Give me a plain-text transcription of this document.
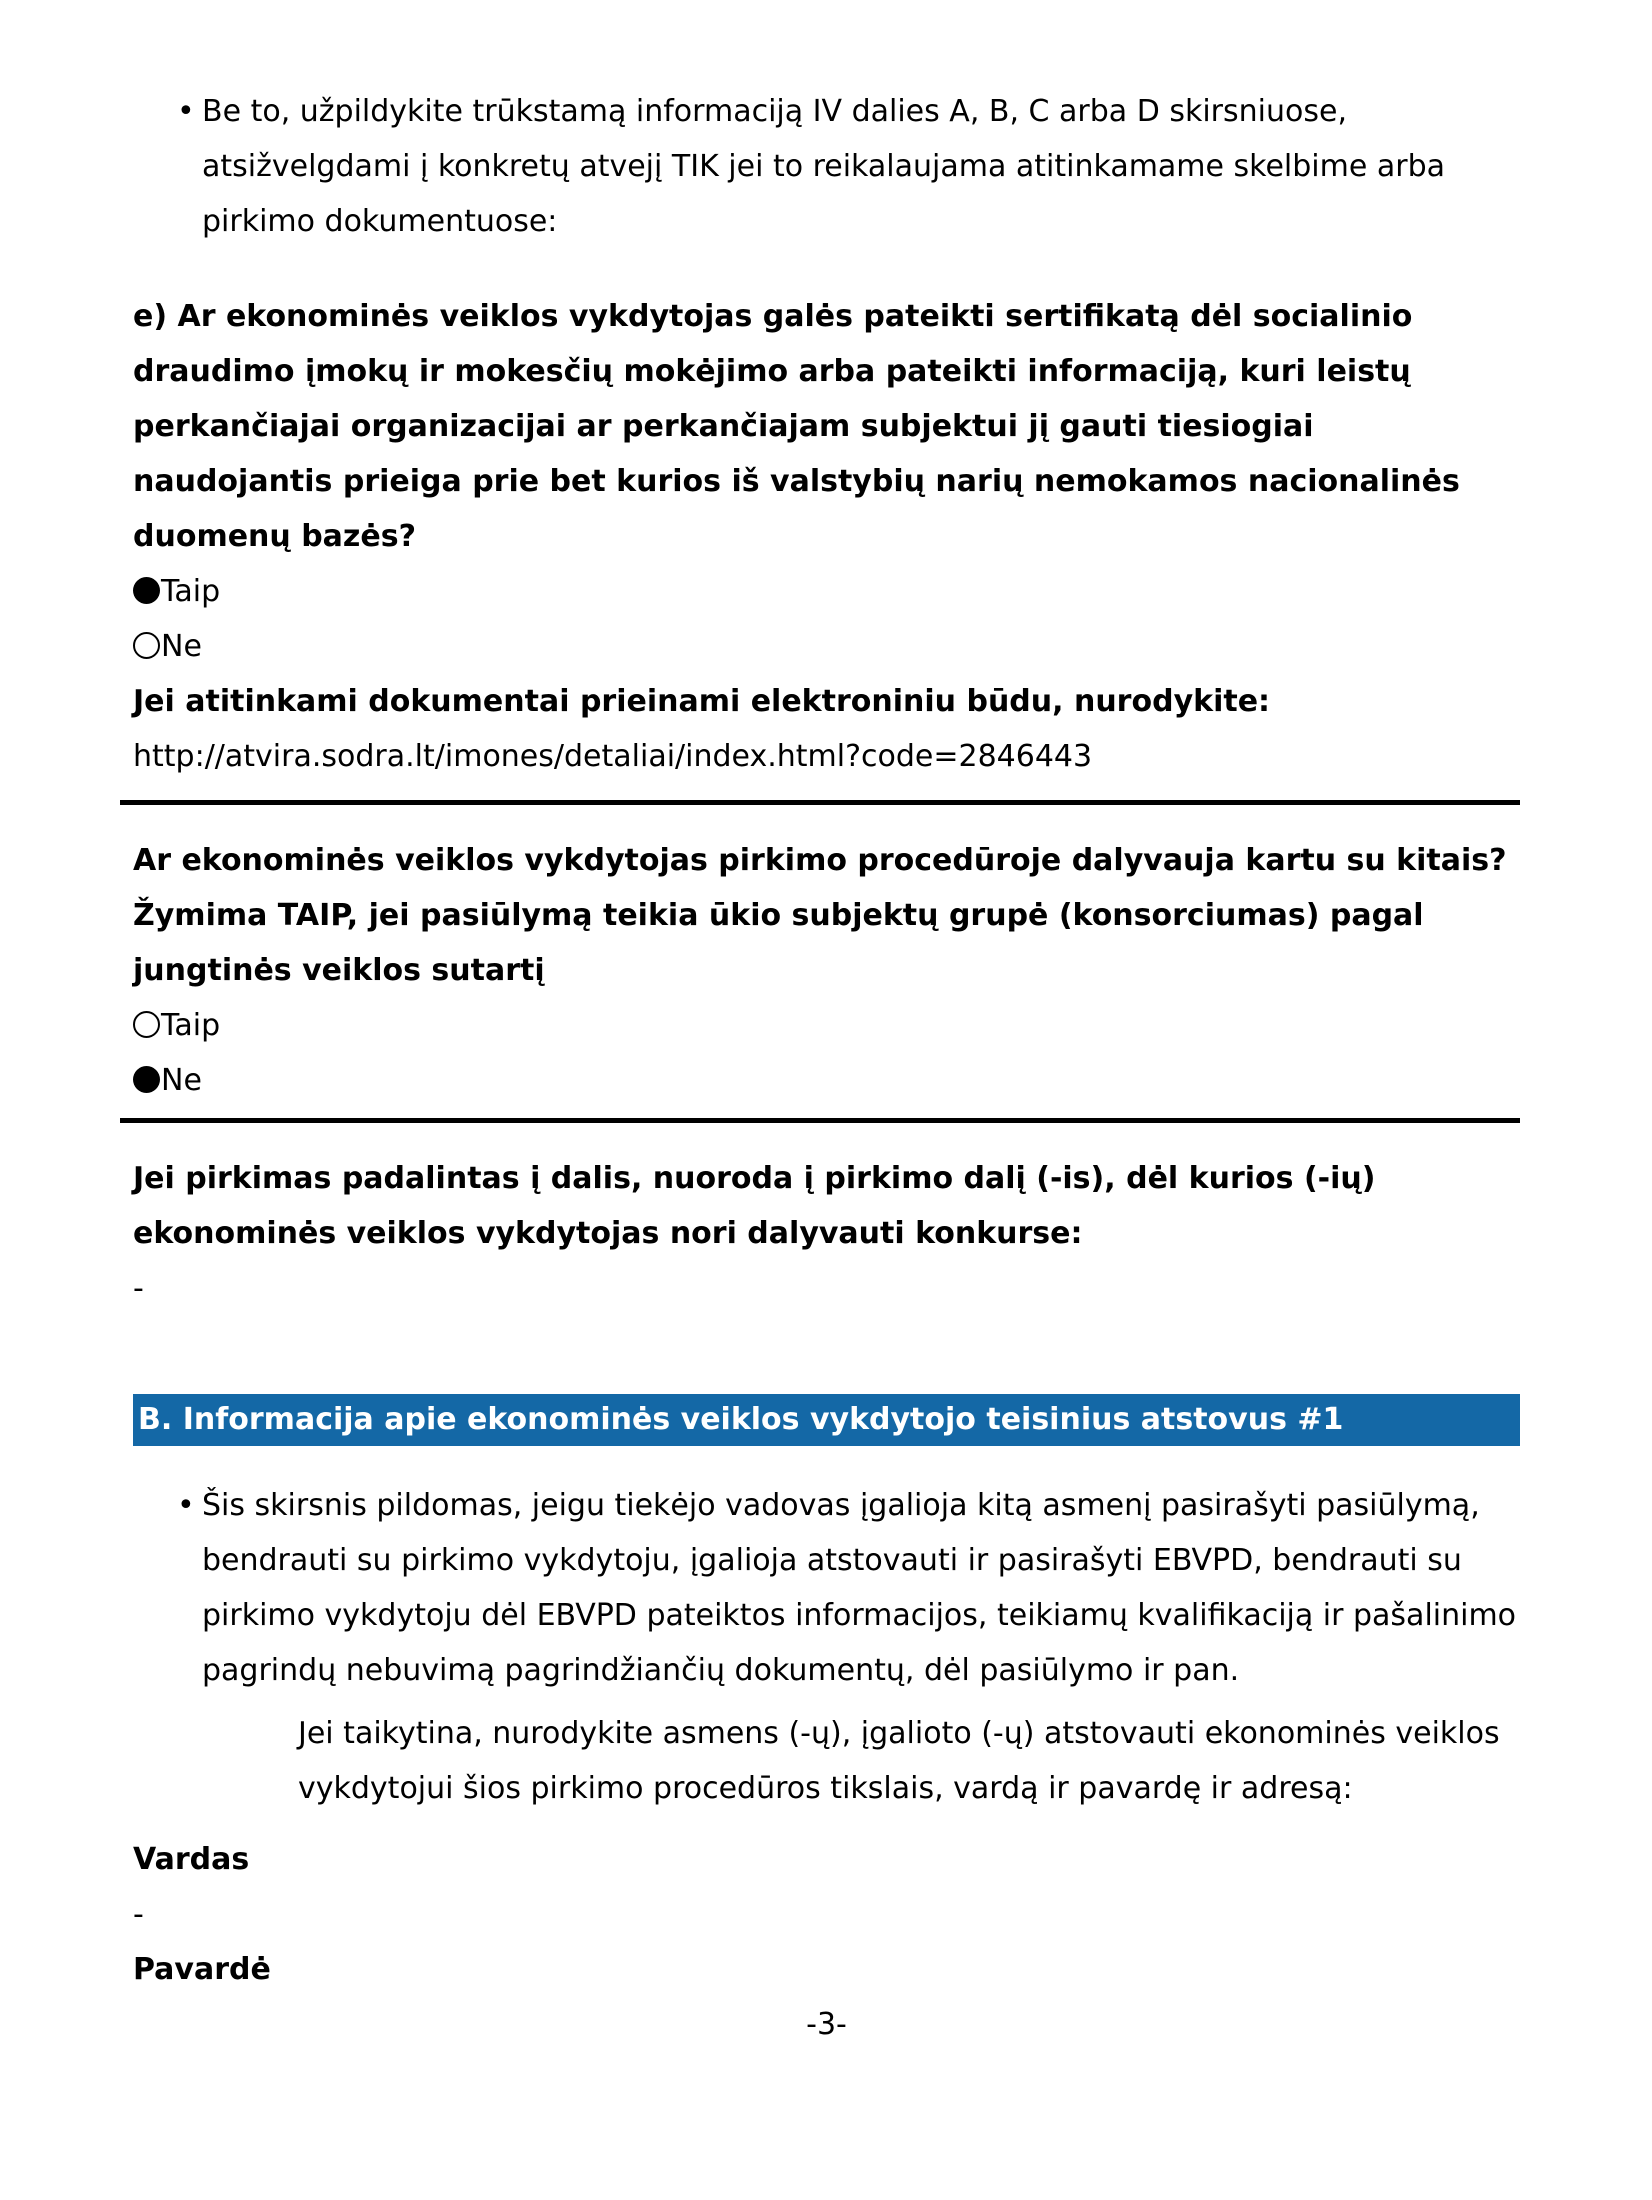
• Be to, užpildykite trūkstamą informaciją IV dalies A, B, C arba D skirsniuose, atsižvelgdami į konkretų atvejį TIK jei to reikalaujama atitinkamame skelbime arba pirkimo dokumentuose:

e) Ar ekonominės veiklos vykdytojas galės pateikti sertifikatą dėl socialinio draudimo įmokų ir mokesčių mokėjimo arba pateikti informaciją, kuri leistų perkančiajai organizacijai ar perkančiajam subjektui jį gauti tiesiogiai naudojantis prieiga prie bet kurios iš valstybių narių nemokamos nacionalinės duomenų bazės?

Taip
Ne

Jei atitinkami dokumentai prieinami elektroniniu būdu, nurodykite:

http://atvira.sodra.lt/imones/detaliai/index.html?code=2846443

Ar ekonominės veiklos vykdytojas pirkimo procedūroje dalyvauja kartu su kitais? Žymima TAIP, jei pasiūlymą teikia ūkio subjektų grupė (konsorciumas) pagal jungtinės veiklos sutartį

Taip
Ne

Jei pirkimas padalintas į dalis, nuoroda į pirkimo dalį (-is), dėl kurios (-ių) ekonominės veiklos vykdytojas nori dalyvauti konkurse:

-

B. Informacija apie ekonominės veiklos vykdytojo teisinius atstovus #1
• Šis skirsnis pildomas, jeigu tiekėjo vadovas įgalioja kitą asmenį pasirašyti pasiūlymą, bendrauti su pirkimo vykdytoju, įgalioja atstovauti ir pasirašyti EBVPD, bendrauti su pirkimo vykdytoju dėl EBVPD pateiktos informacijos, teikiamų kvalifikaciją ir pašalinimo pagrindų nebuvimą pagrindžiančių dokumentų, dėl pasiūlymo ir pan.

Jei taikytina, nurodykite asmens (-ų), įgalioto (-ų) atstovauti ekonominės veiklos vykdytojui šios pirkimo procedūros tikslais, vardą ir pavardę ir adresą:

Vardas

-

Pavardė

-3-
